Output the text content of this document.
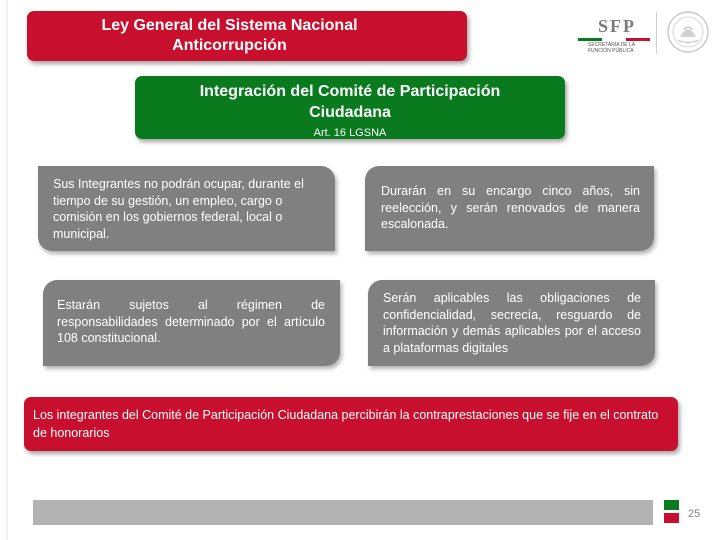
Ley General del Sistema Nacional
Anticorrupción
SFP
SECRETARÍA DE LA FUNCIÓN PÚBLICA
Integración del Comité de Participación
Ciudadana
Art. 16 LGSNA
Sus Integrantes no podrán ocupar, durante el tiempo de su gestión, un empleo, cargo o comisión en los gobiernos federal, local o municipal.
Durarán en su encargo cinco años, sin reelección, y serán renovados de manera escalonada.
Estarán sujetos al régimen de responsabilidades determinado por el artículo 108 constitucional.
Serán aplicables las obligaciones de confidencialidad, secrecía, resguardo de información y demás aplicables por el acceso a plataformas digitales
Los integrantes del Comité de Participación Ciudadana percibirán la contraprestaciones que se fije en el contrato de honorarios
25
